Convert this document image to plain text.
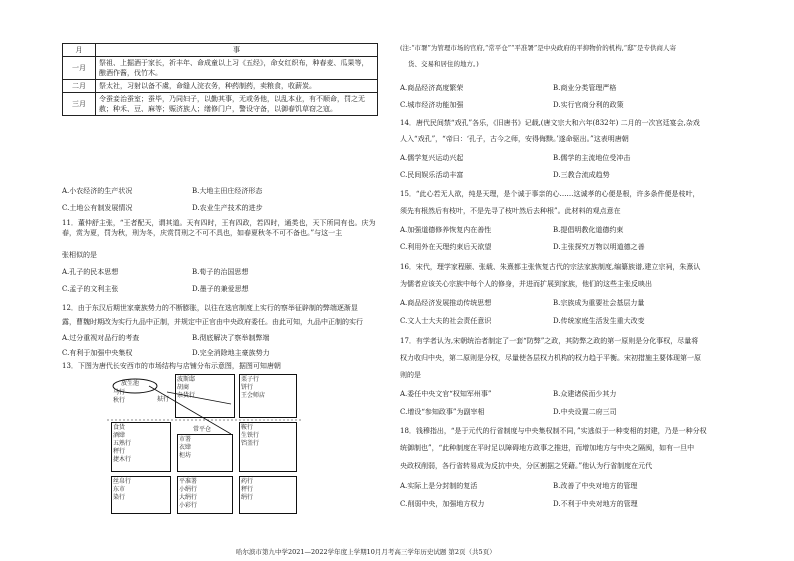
月	事
一月	祭祖、上掘酒于家长，祈丰年、命成童以上习《五经》，命女红织布，种春麦、瓜果等，酿酒作酱，伐竹木。
二月	祭太社，习射以备不虞，命缝人浣衣务，种药制药，卖粮食，收薪炭。
三月	令蚕妾治蚕室；蚕毕，乃同妇子，以勤其事，无或务他，以乱本业，有不顺命，罚之无赦；种禾、豆、麻等；赈济族人；缮修门户，警设守备，以御春饥草窃之寇。
A.小农经济的生产状况	B.大地主田庄经济形态
C.土地公有制发展情况	D.农业生产技术的进步
11．董仲舒主张，“王者配天，谓其道。天有四时，王有四政，若四时，通类也，天下所同有也。庆为春，赏为夏，罚为秋，刑为冬，庆赏罚刑之不可不具也，如春夏秋冬不可不备也。”与这一主
张相似的是
A.孔子的民本思想	B.荀子的治国思想
C.孟子的文利主张	D.墨子的兼爱思想
12．由于东汉后期世家豪族势力的不断膨胀，以往在选官制度上实行的察举征辟制的弊端逐渐显
露，曹魏时期改为实行九品中正制，并规定中正官由中央政府委任。由此可知，九品中正制的实行
A.过分重视对品行的考查	B.彻底解决了察举制弊端
C.有利于加强中央集权	D.完全消除地主豪族势力
13．下图为唐代长安西市的市场结构与店铺分布示意图，据图可知唐朝
马行
秋行
放生池
麸行
波斯邸
胡商
杂货行
常平仓
栗子行
饼行
王会师店
食货
酒肆
五熟行
秤行
捷木行
市署
衣肆
柜坊
鞍行
生铁行
铛釜行
丝帛行
东市
染行
平准署
小绢行
大绢行
小彩行
药行
秤行
绢行
(注:“市署”为管理市场的官府,“常平仓”“平准署”是中央政府的平抑物价的机构,“邸”是专供商人寄
货、交易和居住的地方。)
A.商品经济高度繁荣	B.商业分类管理严格
C.城市经济功能加强	D.实行官商分利的政策
14．唐代民间禁“戏孔”各乐，《旧唐书》记载,(唐文宗大和六年(832年) 二月的一次宫廷宴会,杂戏
人入“戏孔”，“帝曰：‘孔子，古今之师，安得侮黩。’遂命驱出。”这表明唐朝
A.儒学复兴运动兴起	B.儒学的主流地位受冲击
C.民间娱乐活动丰富	D.三教合流成趋势
15．“此心若无人欲，纯是天理，是个诚于事亲的心……这诚孝的心便是根，许多条件便是枝叶，
须先有根然后有枝叶，不是先寻了枝叶然后去种根”。此材料的观点意在
A.加强道德修养恢复内在善性	B.提倡明教化道德约束
C.利用外在天理约束后天欲望	D.主张探究万物以明道德之善
16．宋代，理学家程颐、张载、朱熹都主张恢复古代的宗法家族制度,编纂族谱,建立宗祠，朱熹认
为儒者应该关心宗族中每个人的修身，并进而扩展到家族，他们的这些主张反映出
A.商品经济发展推动传统思想	B.宗族成为重要社会基层力量
C.文人士大夫的社会责任意识	D.传统家庭生活发生重大改变
17．有学者认为,宋朝统治者制定了一套“防弊”之政，其防弊之政的第一原则是分化事权，尽量将
权力收归中央，第二原则是分权，尽量使各层权力机构的权力趋于平衡。宋初措施主要体现第一原
则的是
A.委任中央文官“权知军州事”	B.众建诸侯而少其力
C.增设“参知政事”为副宰相	D.中央设置二府三司
18．钱穆指出，“是于元代的行省制度与中央集权制不同，”实逃似于一种变相的封建，乃是一种分权
统御制也”，“此种制度在平时足以障碍地方政事之推进，而增加地方与中央之隔阂，如有一旦中
央政权削弱，各行省转易成为反抗中央，分区割据之凭藉。”他认为行省制度在元代
A.实际上是分封制的复活	B.改善了中央对地方的管理
C.削弱中央，加强地方权力	D.不利于中央对地方的管理
哈尔滨市第九中学2021—2022学年度上学期10月月考高三学年历史试题 第2页（共5页）
